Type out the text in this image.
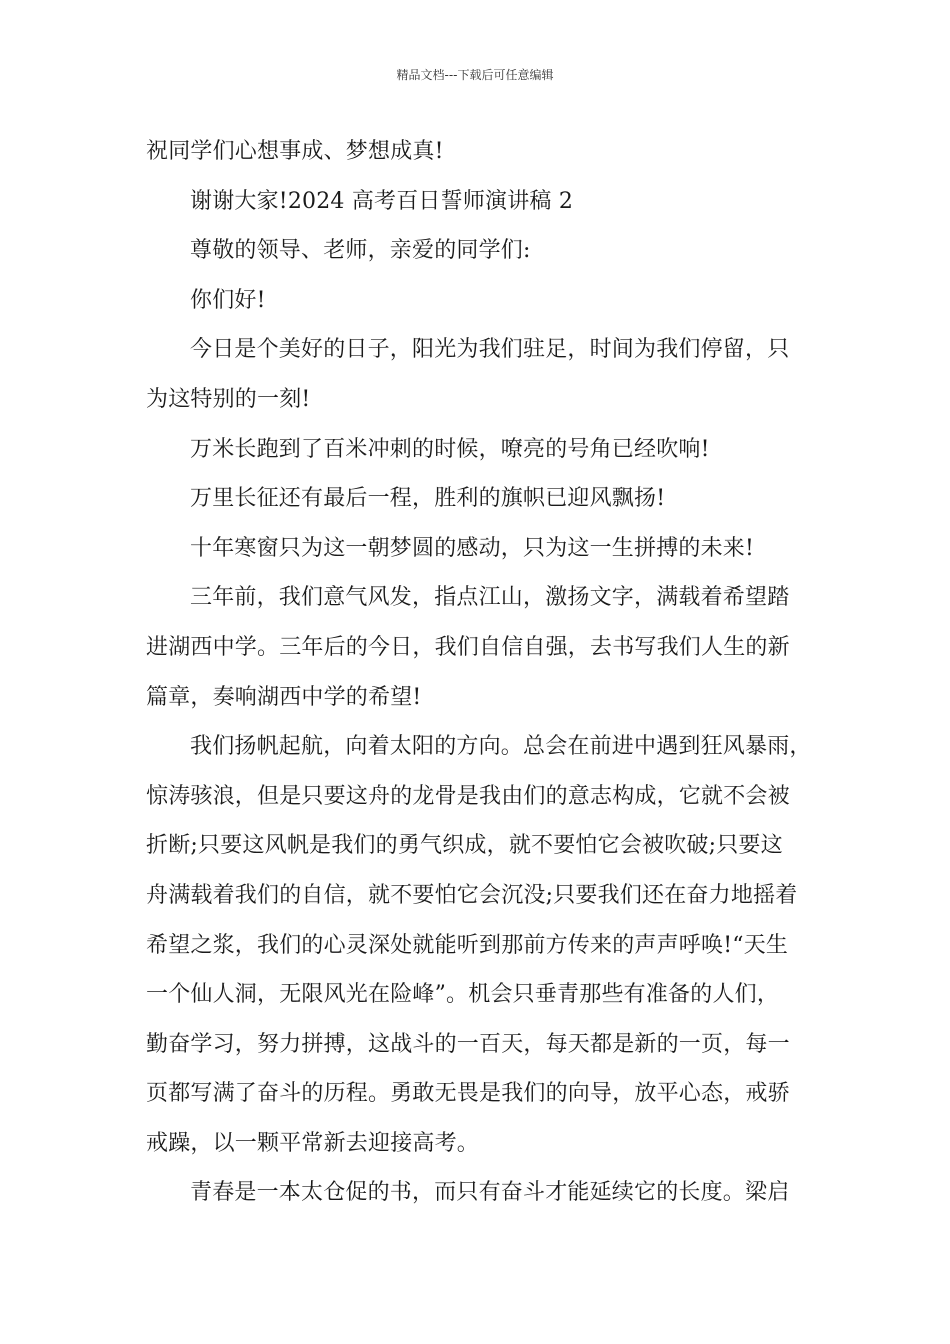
精品文档---下载后可任意编辑

祝同学们心想事成、梦想成真!

谢谢大家!2024 高考百日誓师演讲稿 2

尊敬的领导、老师，亲爱的同学们:

你们好!

今日是个美好的日子，阳光为我们驻足，时间为我们停留，只
为这特别的一刻!

万米长跑到了百米冲刺的时候，嘹亮的号角已经吹响!

万里长征还有最后一程，胜利的旗帜已迎风飘扬!

十年寒窗只为这一朝梦圆的感动，只为这一生拼搏的未来!

三年前，我们意气风发，指点江山，激扬文字，满载着希望踏
进湖西中学。三年后的今日，我们自信自强，去书写我们人生的新
篇章，奏响湖西中学的希望!

我们扬帆起航，向着太阳的方向。总会在前进中遇到狂风暴雨，
惊涛骇浪，但是只要这舟的龙骨是我由们的意志构成，它就不会被
折断;只要这风帆是我们的勇气织成，就不要怕它会被吹破;只要这
舟满载着我们的自信，就不要怕它会沉没;只要我们还在奋力地摇着
希望之浆，我们的心灵深处就能听到那前方传来的声声呼唤!“天生
一个仙人洞，无限风光在险峰”。机会只垂青那些有准备的人们，
勤奋学习，努力拼搏，这战斗的一百天，每天都是新的一页，每一
页都写满了奋斗的历程。勇敢无畏是我们的向导，放平心态，戒骄
戒躁，以一颗平常新去迎接高考。

青春是一本太仓促的书，而只有奋斗才能延续它的长度。梁启
